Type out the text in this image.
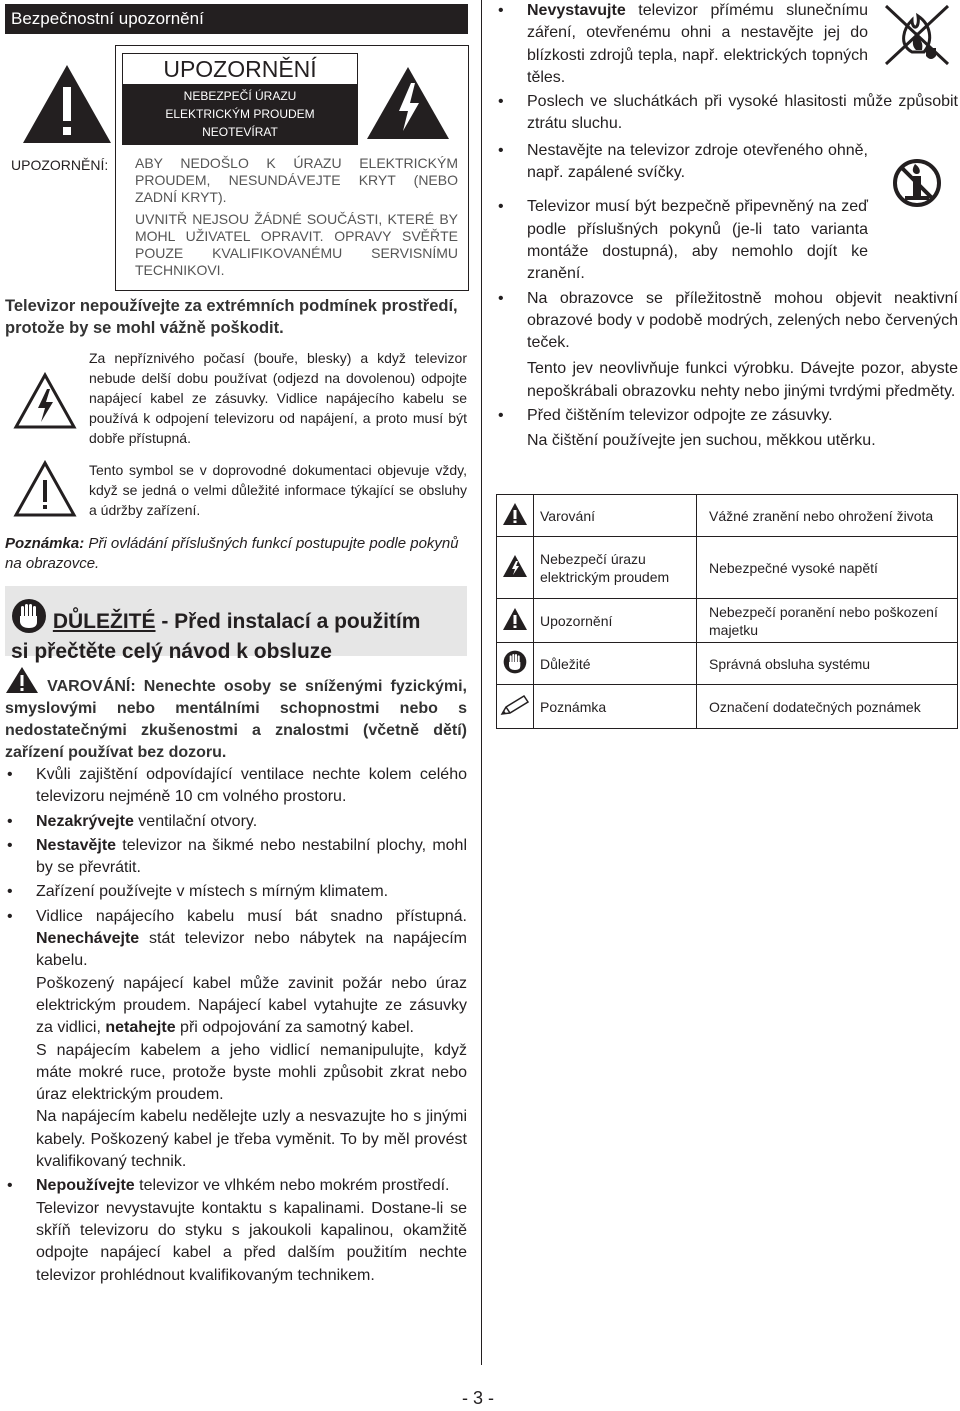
Bezpečnostní upozornění
UPOZORNĚNÍ
NEBEZPEČÍ ÚRAZU
ELEKTRICKÝM PROUDEM
NEOTEVÍRAT
UPOZORNĚNÍ: ABY NEDOŠLO K ÚRAZU ELEKTRICKÝM PROUDEM, NESUNDÁVEJTE KRYT (NEBO ZADNÍ KRYT).

UVNITŘ NEJSOU ŽÁDNÉ SOUČÁSTI, KTERÉ BY MOHL UŽIVATEL OPRAVIT. OPRAVY SVĚŘTE POUZE KVALIFIKOVANÉMU SERVISNÍMU TECHNIKOVI.

Televizor nepoužívejte za extrémních podmínek prostředí, protože by se mohl vážně poškodit.
Za nepříznivého počasí (bouře, blesky) a když televizor nebude delší dobu používat (odjezd na dovolenou) odpojte napájecí kabel ze zásuvky. Vidlice napájecího kabelu se používá k odpojení televizoru od napájení, a proto musí být dobře přístupná.
Tento symbol se v doprovodné dokumentaci objevuje vždy, když se jedná o velmi důležité informace týkající se obsluhy a údržby zařízení.
Poznámka: Při ovládání příslušných funkcí postupujte podle pokynů na obrazovce.
DŮLEŽITÉ - Před instalací a použitím
si přečtěte celý návod k obsluze
VAROVÁNÍ: Nenechte osoby se sníženými fyzickými, smyslovými nebo mentálními schopnostmi nebo s nedostatečnými zkušenostmi a znalostmi (včetně dětí) zařízení používat bez dozoru.
• Kvůli zajištění odpovídající ventilace nechte kolem celého televizoru nejméně 10 cm volného prostoru.
• Nezakrývejte ventilační otvory.
• Nestavějte televizor na šikmé nebo nestabilní plochy, mohl by se převrátit.
• Zařízení používejte v místech s mírným klimatem.
• Vidlice napájecího kabelu musí bát snadno přístupná. Nenechávejte stát televizor nebo nábytek na napájecím kabelu.

Poškozený napájecí kabel může zavinit požár nebo úraz elektrickým proudem. Napájecí kabel vytahujte ze zásuvky za vidlici, netahejte při odpojování za samotný kabel.

S napájecím kabelem a jeho vidlicí nemanipulujte, když máte mokré ruce, protože byste mohli způsobit zkrat nebo úraz elektrickým proudem.

Na napájecím kabelu nedělejte uzly a nesvazujte ho s jinými kabely. Poškozený kabel je třeba vyměnit. To by měl provést kvalifikovaný technik.

• Nepoužívejte televizor ve vlhkém nebo mokrém prostředí.

Televizor nevystavujte kontaktu s kapalinami. Dostane-li se skříň televizoru do styku s jakoukoli kapalinou, okamžitě odpojte napájecí kabel a před dalším použitím nechte televizor prohlédnout kvalifikovaným technikem.

• Nevystavujte televizor přímému slunečnímu záření, otevřenému ohni a nestavějte jej do blízkosti zdrojů tepla, např. elektrických topných těles.
• Poslech ve sluchátkách při vysoké hlasitosti může způsobit ztrátu sluchu.
• Nestavějte na televizor zdroje otevřeného ohně, např. zapálené svíčky.
• Televizor musí být bezpečně připevněný na zeď podle příslušných pokynů (je-li tato varianta montáže dostupná), aby nemohlo dojít ke zranění.
• Na obrazovce se příležitostně mohou objevit neaktivní obrazové body v podobě modrých, zelených nebo červených teček.

Tento jev neovlivňuje funkci výrobku. Dávejte pozor, abyste nepoškrábali obrazovku nehty nebo jinými tvrdými předměty.

• Před čištěním televizor odpojte ze zásuvky.

Na čištění používejte jen suchou, měkkou utěrku.

	Varování	Vážné zranění nebo ohrožení života
	Nebezpečí úrazu elektrickým proudem	Nebezpečné vysoké napětí
	Upozornění	Nebezpečí poranění nebo poškození majetku
	Důležité	Správná obsluha systému
	Poznámka	Označení dodatečných poznámek
- 3 -
